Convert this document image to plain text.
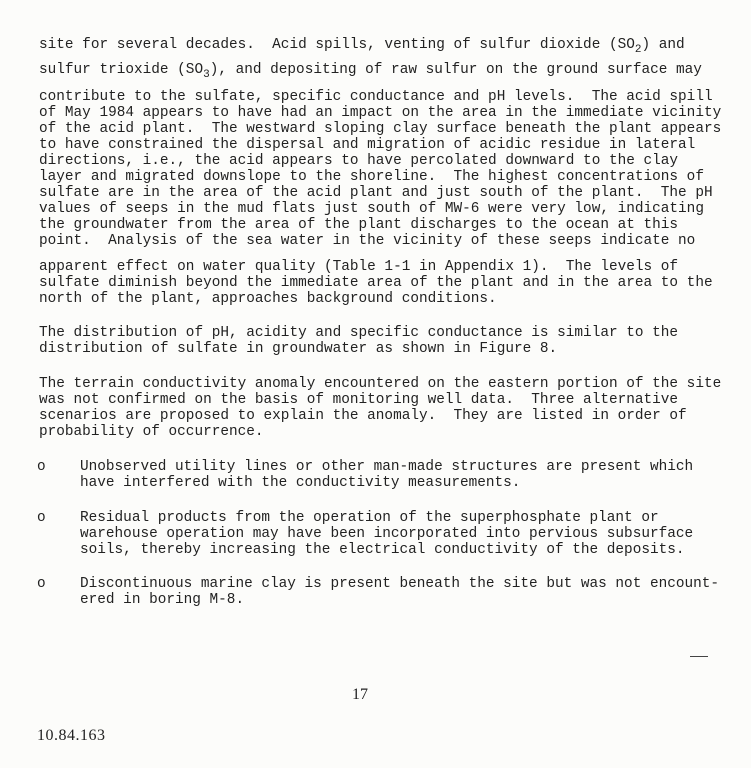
site for several decades.  Acid spills, venting of sulfur dioxide $(SO_2)$ and
sulfur trioxide $(SO_3)$, and depositing of raw sulfur on the ground surface may
contribute to the sulfate, specific conductance and pH levels.  The acid spill
of May 1984 appears to have had an impact on the area in the immediate vicinity
of the acid plant.  The westward sloping clay surface beneath the plant appears
to have constrained the dispersal and migration of acidic residue in lateral
directions, i.e., the acid appears to have percolated downward to the clay
layer and migrated downslope to the shoreline.  The highest concentrations of
sulfate are in the area of the acid plant and just south of the plant.  The pH
values of seeps in the mud flats just south of MW-6 were very low, indicating
the groundwater from the area of the plant discharges to the ocean at this
point.  Analysis of the sea water in the vicinity of these seeps indicate no
apparent effect on water quality (Table 1-1 in Appendix 1).  The levels of
sulfate diminish beyond the immediate area of the plant and in the area to the
north of the plant, approaches background conditions.
The distribution of pH, acidity and specific conductance is similar to the
distribution of sulfate in groundwater as shown in Figure 8.
The terrain conductivity anomaly encountered on the eastern portion of the site
was not confirmed on the basis of monitoring well data.  Three alternative
scenarios are proposed to explain the anomaly.  They are listed in order of
probability of occurrence.
o Unobserved utility lines or other man-made structures are present which
have interfered with the conductivity measurements.
o Residual products from the operation of the superphosphate plant or
warehouse operation may have been incorporated into pervious subsurface
soils, thereby increasing the electrical conductivity of the deposits.
o Discontinuous marine clay is present beneath the site but was not encount-
ered in boring M-8.
17
10.84.163
